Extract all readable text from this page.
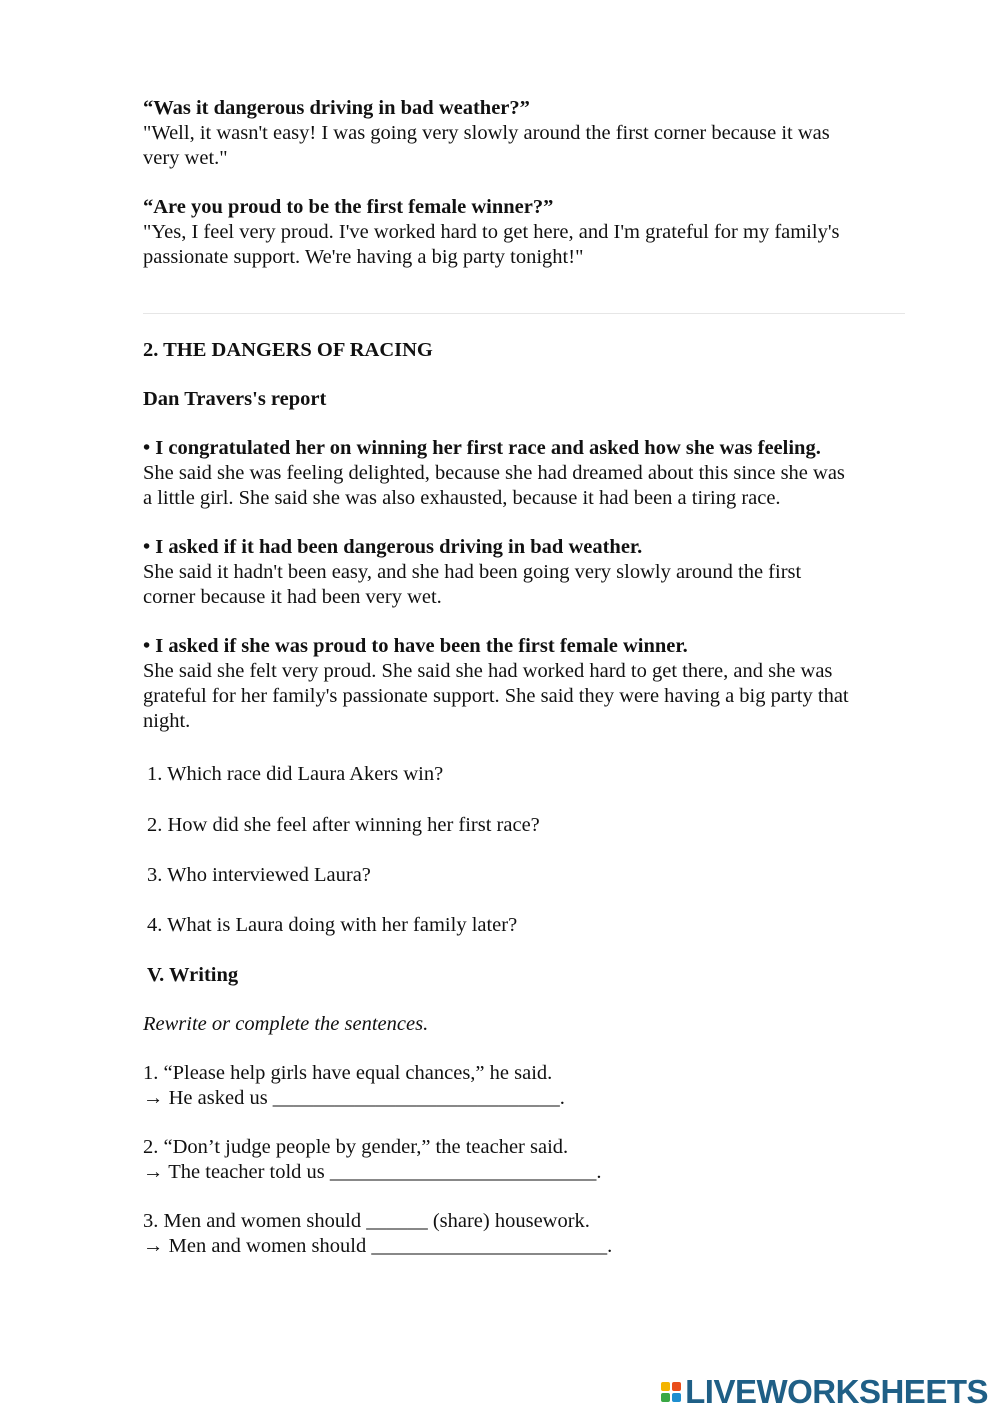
“Was it dangerous driving in bad weather?”
"Well, it wasn't easy! I was going very slowly around the first corner because it was
very wet."
“Are you proud to be the first female winner?”
"Yes, I feel very proud. I've worked hard to get here, and I'm grateful for my family's
passionate support. We're having a big party tonight!"
2. THE DANGERS OF RACING
Dan Travers's report
• I congratulated her on winning her first race and asked how she was feeling.
She said she was feeling delighted, because she had dreamed about this since she was
a little girl. She said she was also exhausted, because it had been a tiring race.
• I asked if it had been dangerous driving in bad weather.
She said it hadn't been easy, and she had been going very slowly around the first
corner because it had been very wet.
• I asked if she was proud to have been the first female winner.
She said she felt very proud. She said she had worked hard to get there, and she was
grateful for her family's passionate support. She said they were having a big party that
night.
1. Which race did Laura Akers win?
2. How did she feel after winning her first race?
3. Who interviewed Laura?
4. What is Laura doing with her family later?
V. Writing
Rewrite or complete the sentences.
1. “Please help girls have equal chances,” he said.
→ He asked us ____________________________.
2. “Don’t judge people by gender,” the teacher said.
→ The teacher told us __________________________.
3. Men and women should ______ (share) housework.
→ Men and women should _______________________.
LIVEWORKSHEETS
